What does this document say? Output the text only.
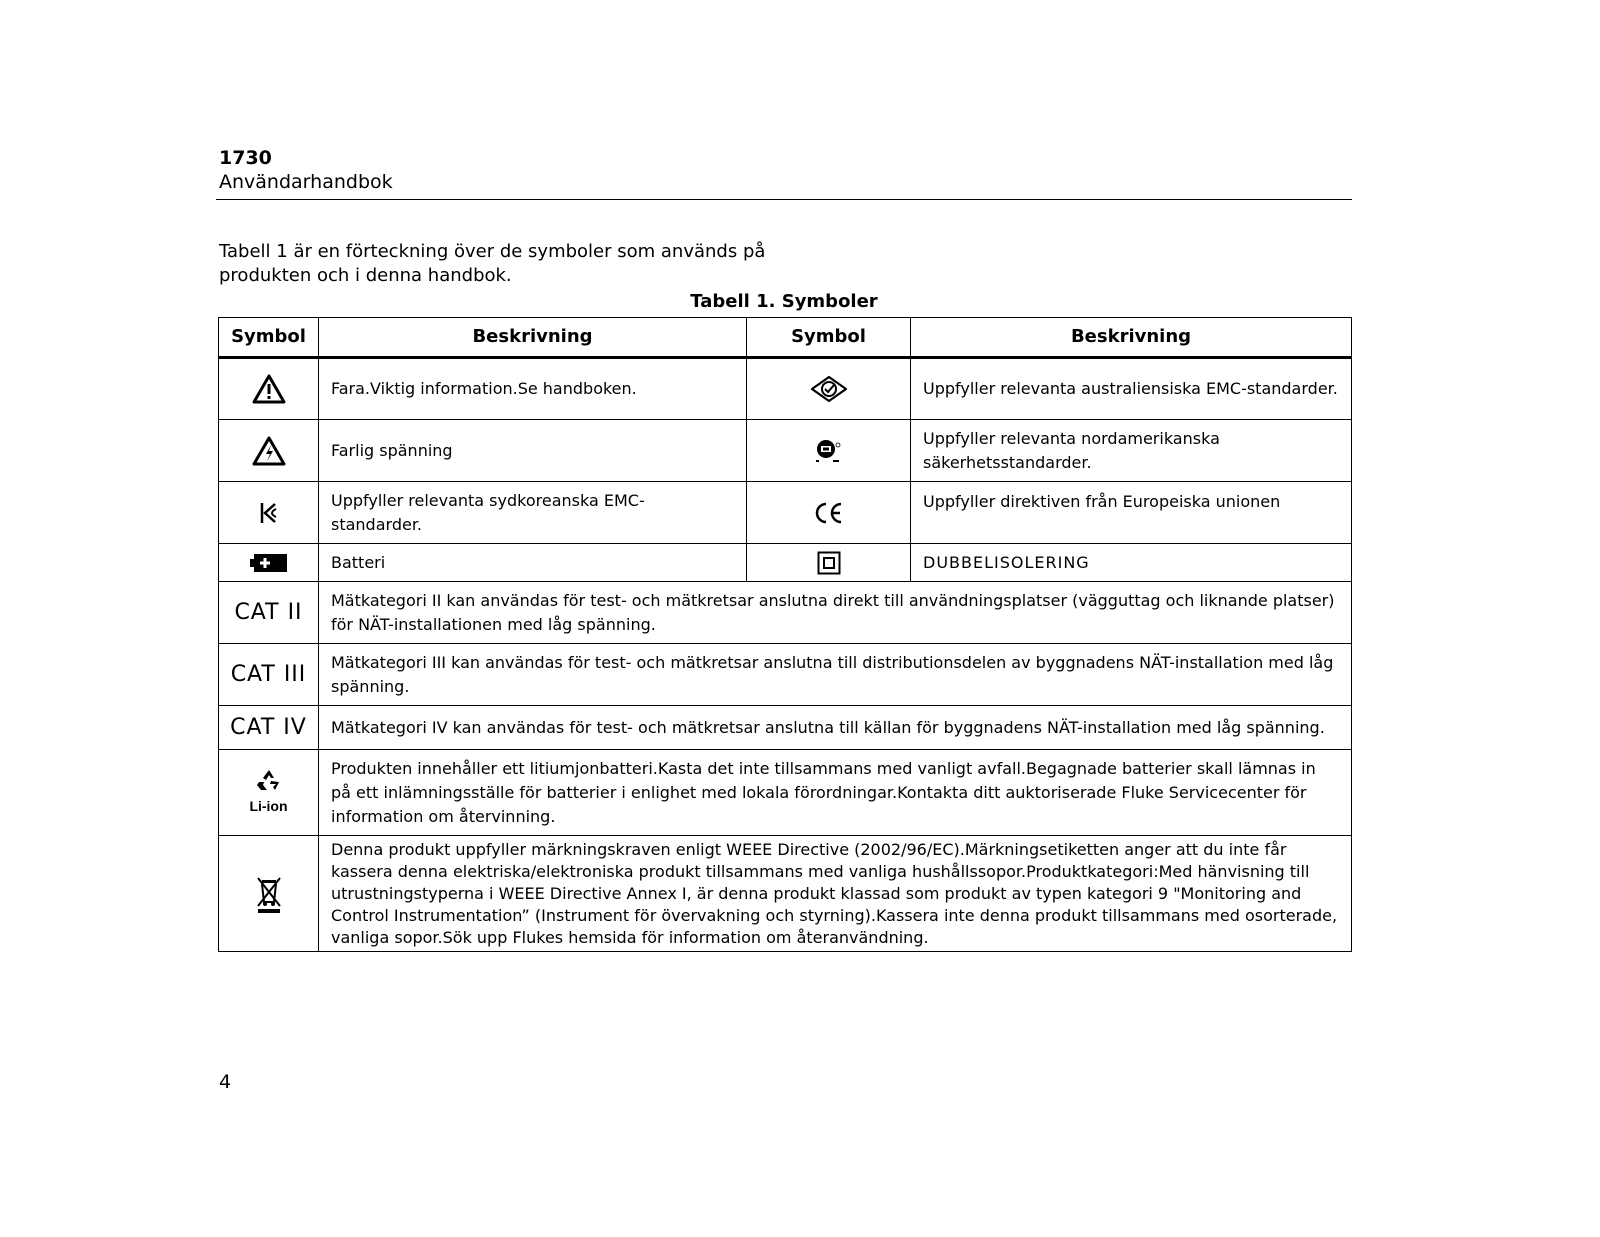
1730
Användarhandbok
Tabell 1 är en förteckning över de symboler som används på produkten och i denna handbok.
Tabell 1. Symboler
Symbol	Beskrivning	Symbol	Beskrivning
	Fara.Viktig information.Se handboken.		Uppfyller relevanta australiensiska EMC-standarder.
	Farlig spänning		Uppfyller relevanta nordamerikanska säkerhetsstandarder.
	Uppfyller relevanta sydkoreanska EMC-standarder.		Uppfyller direktiven från Europeiska unionen
	Batteri		DUBBELISOLERING
CAT II	Mätkategori II kan användas för test- och mätkretsar anslutna direkt till användningsplatser (vägguttag och liknande platser) för NÄT-installationen med låg spänning.		
CAT III	Mätkategori III kan användas för test- och mätkretsar anslutna till distributionsdelen av byggnadens NÄT-installation med låg spänning.		
CAT IV	Mätkategori IV kan användas för test- och mätkretsar anslutna till källan för byggnadens NÄT-installation med låg spänning.		

Li-ion	Produkten innehåller ett litiumjonbatteri.Kasta det inte tillsammans med vanligt avfall.Begagnade batterier skall lämnas in på ett inlämningsställe för batterier i enlighet med lokala förordningar.Kontakta ditt auktoriserade Fluke Servicecenter för information om återvinning.		
	Denna produkt uppfyller märkningskraven enligt WEEE Directive (2002/96/EC).Märkningsetiketten anger att du inte får kassera denna elektriska/elektroniska produkt tillsammans med vanliga hushållssopor.Produktkategori:Med hänvisning till utrustningstyperna i WEEE Directive Annex I, är denna produkt klassad som produkt av typen kategori 9 "Monitoring and Control Instrumentation” (Instrument för övervakning och styrning).Kassera inte denna produkt tillsammans med osorterade, vanliga sopor.Sök upp Flukes hemsida för information om återanvändning.		
4
